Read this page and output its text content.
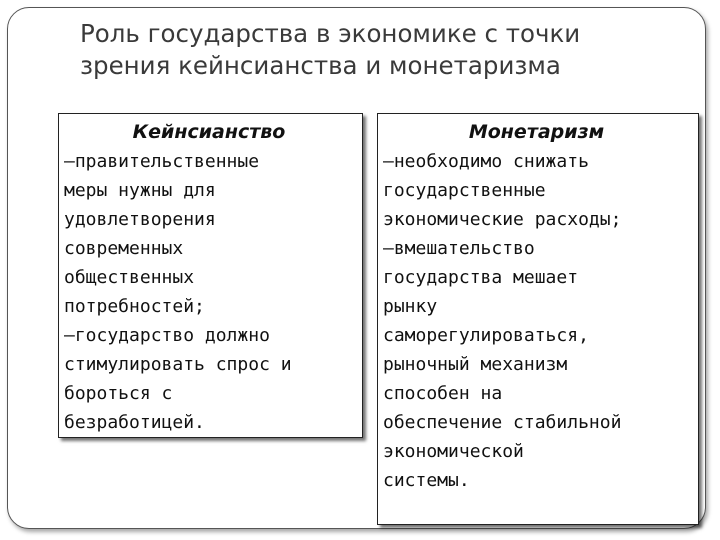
Роль государства в экономике с точки
зрения кейнсианства и монетаризма
Кейнсианство
–правительственные
меры нужны для
удовлетворения
современных
общественных
потребностей;
–государство должно
стимулировать спрос и
бороться с
безработицей.
Монетаризм
–необходимо снижать
государственные
экономические расходы;
–вмешательство
государства мешает
рынку
саморегулироваться,
рыночный механизм
способен на
обеспечение стабильной
экономической
системы.
